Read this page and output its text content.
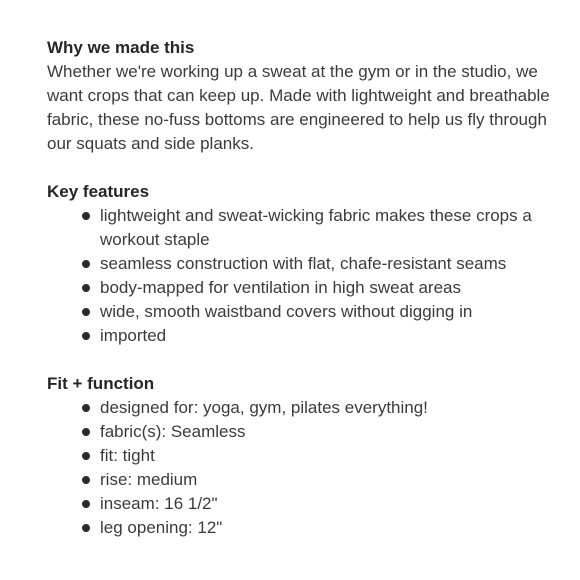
Why we made this

Whether we're working up a sweat at the gym or in the studio, we want crops that can keep up. Made with lightweight and breathable fabric, these no-fuss bottoms are engineered to help us fly through our squats and side planks.

Key features

lightweight and sweat-wicking fabric makes these crops a workout staple
seamless construction with flat, chafe-resistant seams
body-mapped for ventilation in high sweat areas
wide, smooth waistband covers without digging in
imported

Fit + function

designed for: yoga, gym, pilates everything!
fabric(s): Seamless
fit: tight
rise: medium
inseam: 16 1/2"
leg opening: 12"
